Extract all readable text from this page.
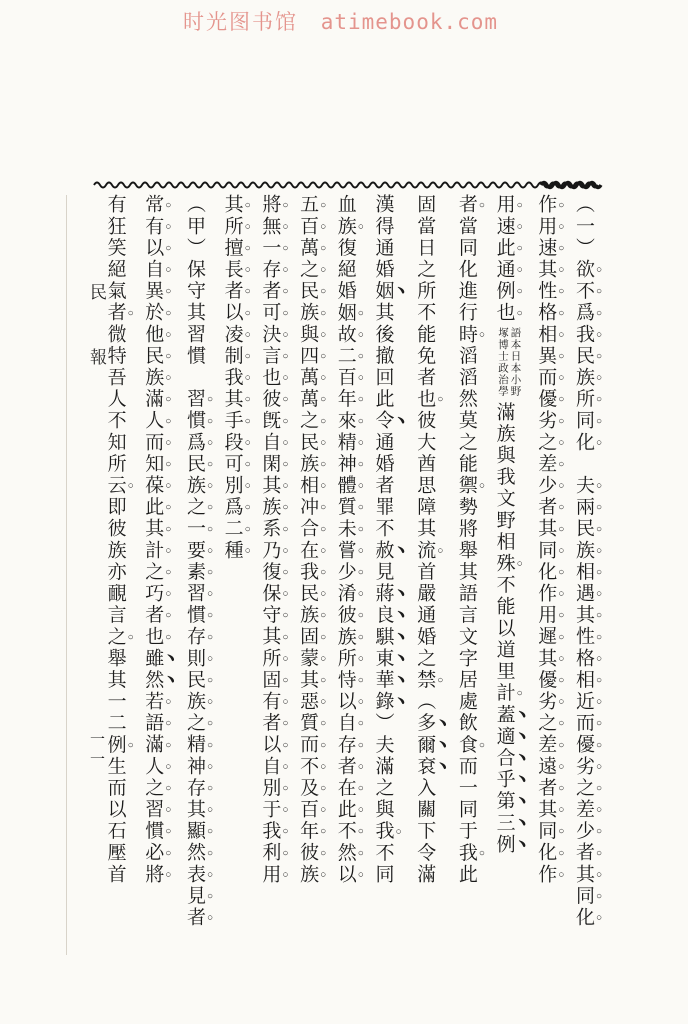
时光图书馆 atimebook.com
民報
一一
（一）欲不爲我民族所同化　夫兩民族相遇其性格相近而優劣之差少者其同化
作用速其性格相異而優劣之差少者其同化作用遲其優劣之差遠者其同化作
用速此通例也語本日本小野塚博士政治學滿族與我文野相殊不能以道里計蓋適合乎第三例
者當同化進行時滔滔然莫之能禦勢將舉其語言文字居處飲食而一同于我此
固當日之所不能免者也彼大酋思障其流首嚴通婚之禁（多爾袞入關下令滿
漢得通婚姻其後撤回此令通婚者罪不赦見蔣良騏東華錄）夫滿之與我不同
血族復絕婚姻故二百年來精神體質未嘗少淆彼族所恃以自存者在此不然以
五百萬之民族與四萬萬之民族相冲合在我民族固蒙其惡質而不及百年彼族
將無一存者可決言也彼旣自閑其族系乃復保守其所固有者以自別于我利用
其所擅長者以凌制我其手段可別爲二種
（甲）保守其習慣　習慣爲民族之一要素習慣存則民族之精神存其顯然表見者
常有以自異於他民族滿人而知葆此其計之巧者也雖然若語滿人之習慣必將
有狂笑絕氣者微特吾人不知所云即彼族亦靦言之舉其一二例生而以石壓首
